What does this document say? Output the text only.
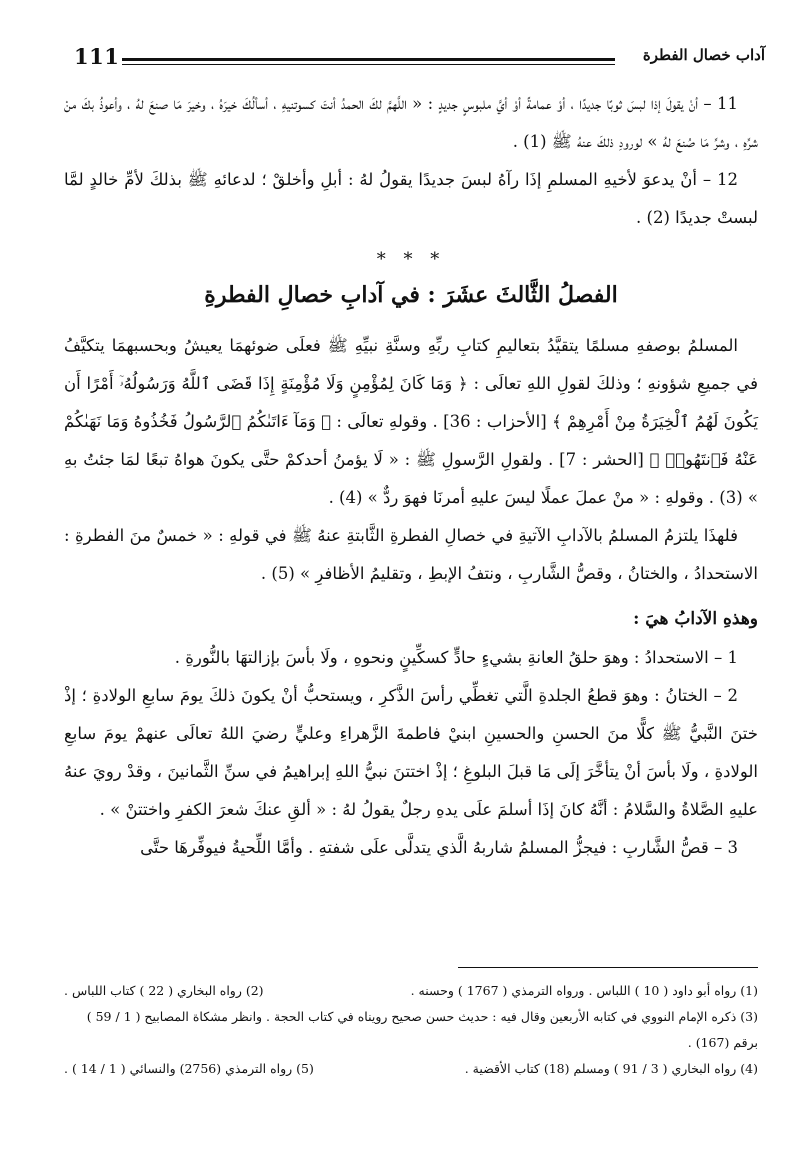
111	آداب خصال الفطرة

11 – أنْ يقولَ إذا لبسَ ثوبًا جديدًا ، أوْ عمامةً أوْ أيَّ ملبوسٍ جديدٍ : « اللَّهمَّ لكَ الحمدُ أنتَ كسوتنيهِ ، أسألُكَ خيرَهُ ، وخيرَ مَا صنعَ لهُ ، وأعوذُ بكَ منْ شرِّهِ ، وشرِّ مَا صُنعَ لهُ » لورودِ ذلكَ عنهُ ﷺ (1) .

12 – أنْ يدعوَ لأخيهِ المسلمِ إذَا رآهُ لبسَ جديدًا يقولُ لهُ : أبلِ وأخلقْ ؛ لدعائهِ ﷺ بذلكَ لأمِّ خالدٍ لمَّا لبستْ جديدًا (2) .

* * *
الفصلُ الثَّالثَ عشَرَ : في آدابِ خصالِ الفطرةِ

المسلمُ بوصفهِ مسلمًا يتقيَّدُ بتعاليمِ كتابِ ربِّهِ وسنَّةِ نبيِّهِ ﷺ فعلَى ضوئهمَا يعيشُ وبحسبهمَا يتكيَّفُ في جميعِ شؤونهِ ؛ وذلكَ لقولِ اللهِ تعالَى : ﴿ وَمَا كَانَ لِمُؤْمِنٍ وَلَا مُؤْمِنَةٍ إِذَا قَضَى ٱللَّهُ وَرَسُولُهُۥٓ أَمْرًا أَن يَكُونَ لَهُمُ ٱلْخِيَرَةُ مِنْ أَمْرِهِمْ ﴾ [الأحزاب : 36] . وقولهِ تعالَى : ﴿ وَمَآ ءَاتَىٰكُمُ ٱلرَّسُولُ فَخُذُوهُ وَمَا نَهَىٰكُمْ عَنْهُ فَٱنتَهُوا۟ ﴾ [الحشر : 7] . ولقولِ الرَّسولِ ﷺ : « لَا يؤمنُ أحدكمْ حتَّى يكونَ هواهُ تبعًا لمَا جئتُ بهِ » (3) . وقولهِ : « منْ عملَ عملًا ليسَ عليهِ أمرنَا فهوَ ردٌّ » (4) .

فلهذَا يلتزمُ المسلمُ بالآدابِ الآتيةِ في خصالِ الفطرةِ الثَّابتةِ عنهُ ﷺ في قولهِ : « خمسٌ منَ الفطرةِ : الاستحدادُ ، والختانُ ، وقصُّ الشَّاربِ ، ونتفُ الإبطِ ، وتقليمُ الأظافرِ » (5) .

وهذهِ الآدابُ هيَ :

1 – الاستحدادُ : وهوَ حلقُ العانةِ بشيءٍ حادٍّ كسكِّينٍ ونحوهِ ، ولَا بأسَ بإزالتهَا بالنُّورةِ .

2 – الختانُ : وهوَ قطعُ الجلدةِ الَّتي تغطِّي رأسَ الذَّكرِ ، ويستحبُّ أنْ يكونَ ذلكَ يومَ سابعِ الولادةِ ؛ إذْ ختنَ النَّبيُّ ﷺ كلًّا منَ الحسنِ والحسينِ ابنيْ فاطمةَ الزَّهراءِ وعليٍّ رضيَ اللهُ تعالَى عنهمْ يومَ سابعِ الولادةِ ، ولَا بأسَ أنْ يتأخَّرَ إلَى مَا قبلَ البلوغِ ؛ إذْ اختتنَ نبيُّ اللهِ إبراهيمُ في سنِّ الثَّمانينَ ، وقدْ رويَ عنهُ عليهِ الصَّلاةُ والسَّلامُ : أنَّهُ كانَ إذَا أسلمَ علَى يدهِ رجلٌ يقولُ لهُ : « ألقِ عنكَ شعرَ الكفرِ واختتنْ » .

3 – قصُّ الشَّاربِ : فيجزُّ المسلمُ شاربهُ الَّذي يتدلَّى علَى شفتهِ . وأمَّا اللِّحيةُ فيوفِّرهَا حتَّى

(1) رواه أبو داود ( 10 ) اللباس . ورواه الترمذي ( 1767 ) وحسنه .
(2) رواه البخاري ( 22 ) كتاب اللباس .
(3) ذكره الإمام النووي في كتابه الأربعين وقال فيه : حديث حسن صحيح رويناه في كتاب الحجة . وانظر مشكاة المصابيح ( 1 / 59 ) برقم (167) .
(4) رواه البخاري ( 3 / 91 ) ومسلم (18) كتاب الأقضية .
(5) رواه الترمذي (2756) والنسائي ( 1 / 14 ) .
